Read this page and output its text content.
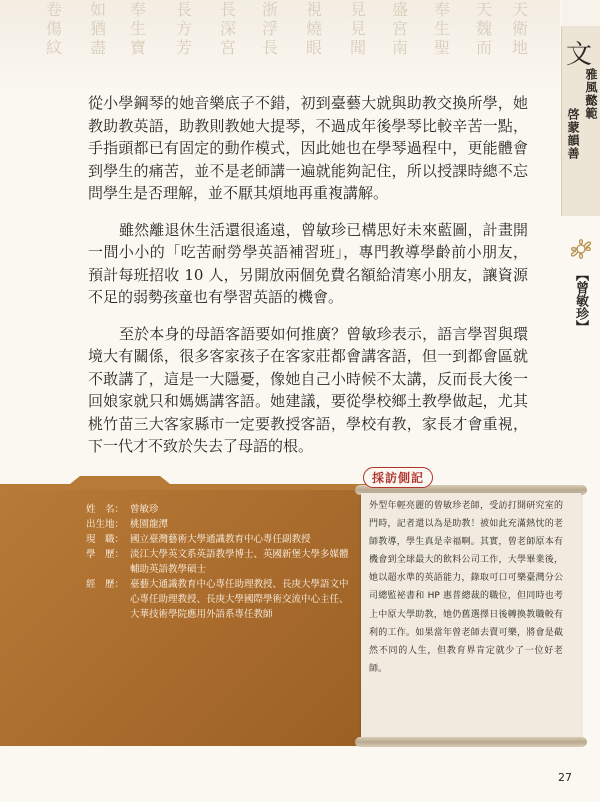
卷傷紋
如猶盡
奉生寶
長方芳
長深宮
浙浮長
視燒眼
見見聞
盛宮南
奉生聖
天魏而
天衛地 文
雅風懿範
啓蒙韻善
【曾敏珍】

從小學鋼琴的她音樂底子不錯，初到臺藝大就與助教交換所學，她教助教英語，助教則教她大提琴，不過成年後學琴比較辛苦一點，手指頭都已有固定的動作模式，因此她也在學琴過程中，更能體會到學生的痛苦，並不是老師講一遍就能夠記住，所以授課時總不忘問學生是否理解，並不厭其煩地再重複講解。

雖然離退休生活還很遙遠，曾敏珍已構思好未來藍圖，計畫開一間小小的「吃苦耐勞學英語補習班」，專門教導學齡前小朋友，預計每班招收 10 人，另開放兩個免費名額給清寒小朋友，讓資源不足的弱勢孩童也有學習英語的機會。

至於本身的母語客語要如何推廣？曾敏珍表示，語言學習與環境大有關係，很多客家孩子在客家莊都會講客語，但一到都會區就不敢講了，這是一大隱憂，像她自己小時候不太講，反而長大後一回娘家就只和媽媽講客語。她建議，要從學校鄉土教學做起，尤其桃竹苗三大客家縣市一定要教授客語，學校有教，家長才會重視，下一代才不致於失去了母語的根。

姓　名： 曾敏珍
出生地： 桃園龍潭
現　職： 國立臺灣藝術大學通識教育中心專任副教授
學　歷： 淡江大學英文系英語教學博士、英國新堡大學多媒體輔助英語教學碩士
經　歷： 臺藝大通識教育中心專任助理教授、長庚大學語文中心專任助理教授、長庚大學國際學術交流中心主任、大華技術學院應用外語系專任教師
採訪側記
外型年輕亮麗的曾敏珍老師，受訪打開研究室的門時，記者還以為是助教！被如此充滿熱忱的老師教導，學生真是幸福啊。其實，曾老師原本有機會到全球最大的飲料公司工作，大學畢業後，她以超水準的英語能力，錄取可口可樂臺灣分公司總監祕書和 HP 惠普總裁的職位，但同時也考上中原大學助教，她仍舊選擇日後轉換教職較有利的工作。如果當年曾老師去賣可樂，將會是截然不同的人生，但教育界肯定就少了一位好老師。
27
